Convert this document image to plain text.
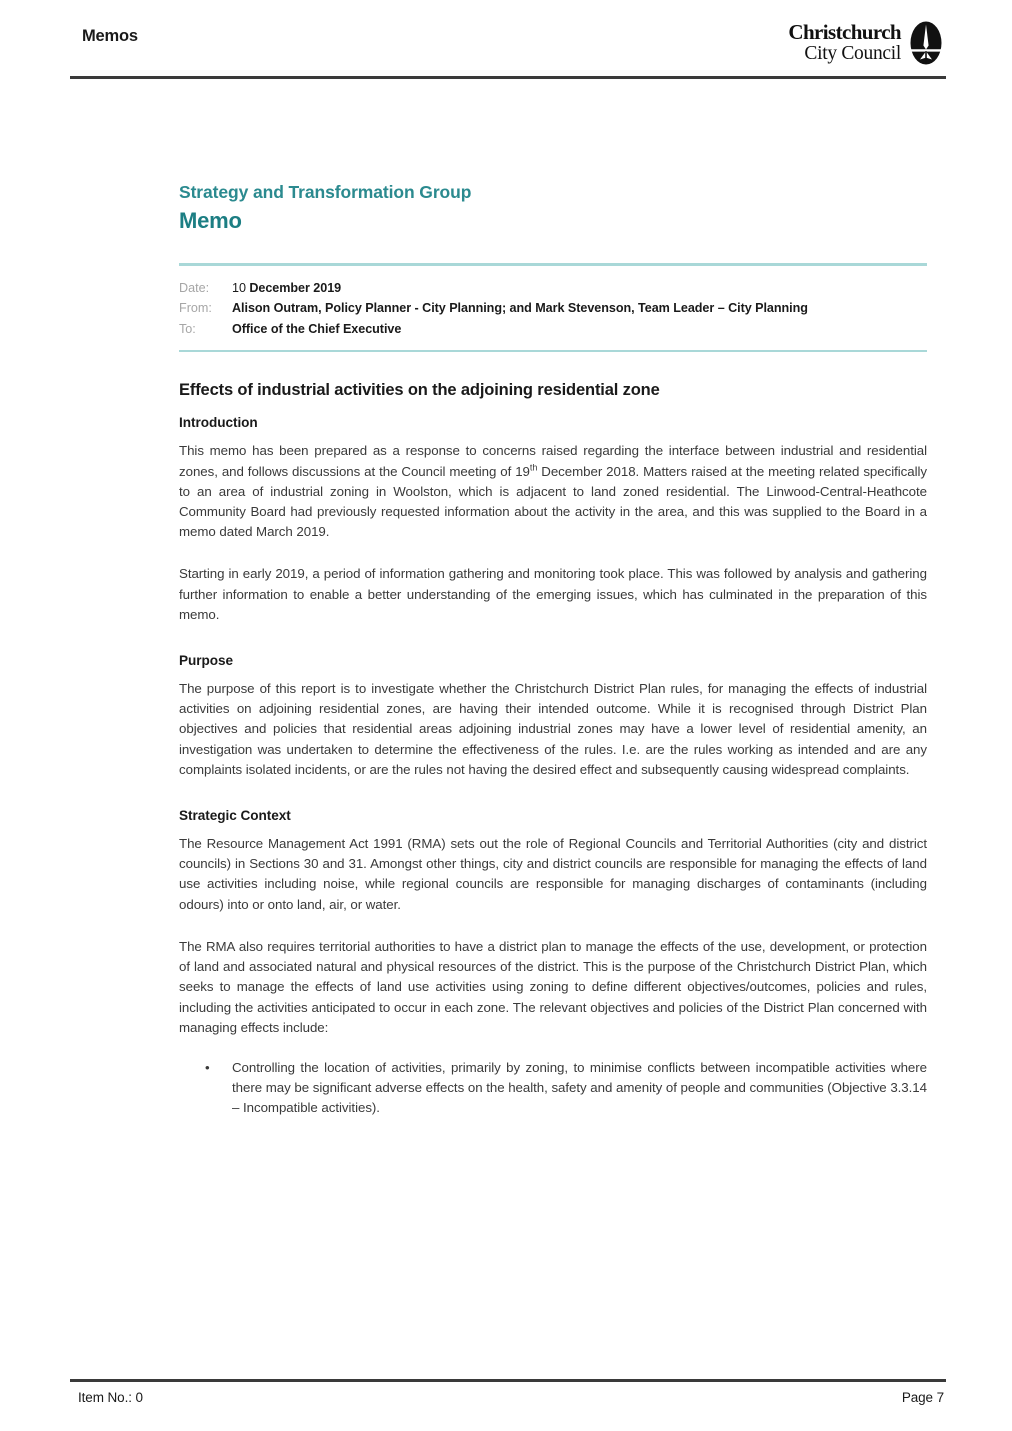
Memos	Christchurch
City Council
Strategy and Transformation Group
Memo
Date:	10 December 2019
From:	Alison Outram, Policy Planner - City Planning; and Mark Stevenson, Team Leader – City Planning
To:	Office of the Chief Executive
Effects of industrial activities on the adjoining residential zone
Introduction

This memo has been prepared as a response to concerns raised regarding the interface between industrial and residential zones, and follows discussions at the Council meeting of 19th December 2018. Matters raised at the meeting related specifically to an area of industrial zoning in Woolston, which is adjacent to land zoned residential. The Linwood-Central-Heathcote Community Board had previously requested information about the activity in the area, and this was supplied to the Board in a memo dated March 2019.

Starting in early 2019, a period of information gathering and monitoring took place. This was followed by analysis and gathering further information to enable a better understanding of the emerging issues, which has culminated in the preparation of this memo.

Purpose

The purpose of this report is to investigate whether the Christchurch District Plan rules, for managing the effects of industrial activities on adjoining residential zones, are having their intended outcome. While it is recognised through District Plan objectives and policies that residential areas adjoining industrial zones may have a lower level of residential amenity, an investigation was undertaken to determine the effectiveness of the rules. I.e. are the rules working as intended and are any complaints isolated incidents, or are the rules not having the desired effect and subsequently causing widespread complaints.

Strategic Context

The Resource Management Act 1991 (RMA) sets out the role of Regional Councils and Territorial Authorities (city and district councils) in Sections 30 and 31. Amongst other things, city and district councils are responsible for managing the effects of land use activities including noise, while regional councils are responsible for managing discharges of contaminants (including odours) into or onto land, air, or water.

The RMA also requires territorial authorities to have a district plan to manage the effects of the use, development, or protection of land and associated natural and physical resources of the district. This is the purpose of the Christchurch District Plan, which seeks to manage the effects of land use activities using zoning to define different objectives/outcomes, policies and rules, including the activities anticipated to occur in each zone. The relevant objectives and policies of the District Plan concerned with managing effects include:

• Controlling the location of activities, primarily by zoning, to minimise conflicts between incompatible activities where there may be significant adverse effects on the health, safety and amenity of people and communities (Objective 3.3.14 – Incompatible activities).
Item No.: 0	Page 7
